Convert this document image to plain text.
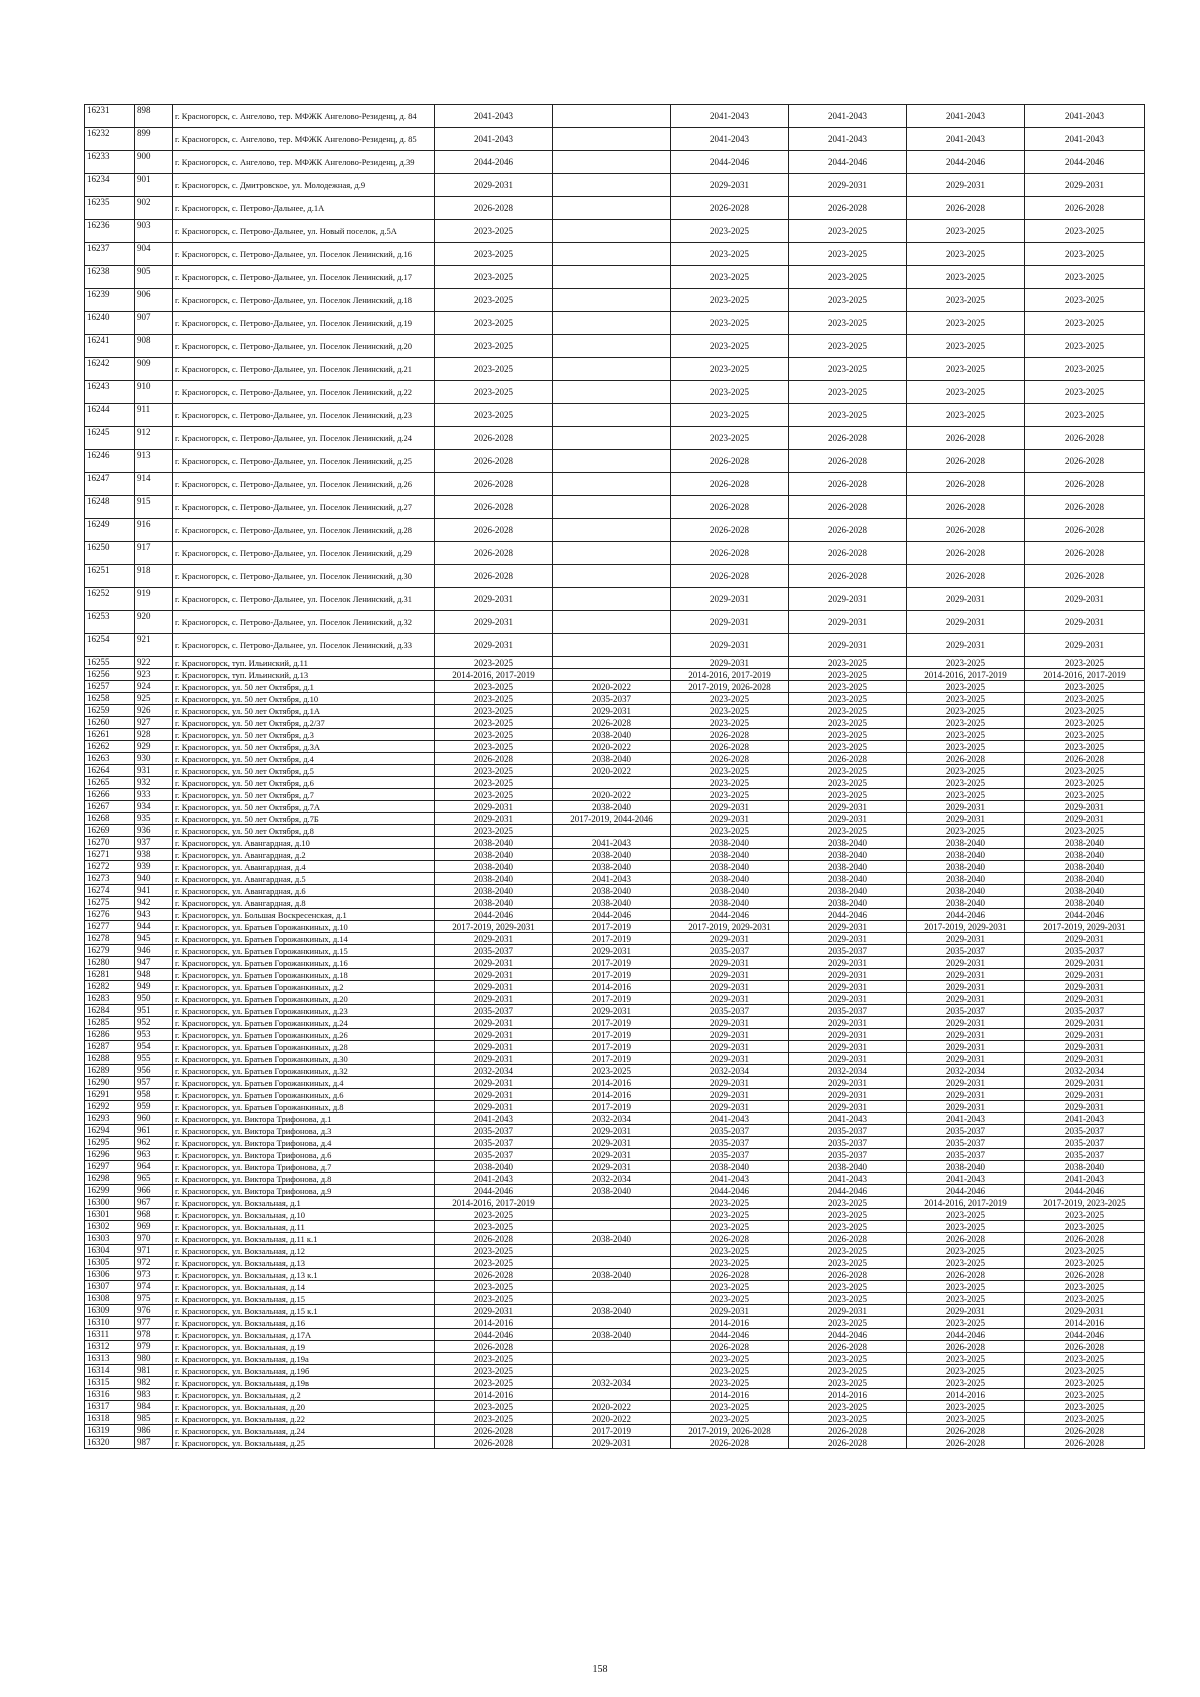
16231	898	г. Красногорск, с. Ангелово, тер. МФЖК Ангелово-Резиденц, д. 84	2041-2043		2041-2043	2041-2043	2041-2043	2041-2043
16232	899	г. Красногорск, с. Ангелово, тер. МФЖК Ангелово-Резиденц, д. 85	2041-2043		2041-2043	2041-2043	2041-2043	2041-2043
16233	900	г. Красногорск, с. Ангелово, тер. МФЖК Ангелово-Резиденц, д.39	2044-2046		2044-2046	2044-2046	2044-2046	2044-2046
16234	901	г. Красногорск, с. Дмитровское, ул. Молодежная, д.9	2029-2031		2029-2031	2029-2031	2029-2031	2029-2031
16235	902	г. Красногорск, с. Петрово-Дальнее, д.1А	2026-2028		2026-2028	2026-2028	2026-2028	2026-2028
16236	903	г. Красногорск, с. Петрово-Дальнее, ул. Новый поселок, д.5А	2023-2025		2023-2025	2023-2025	2023-2025	2023-2025
16237	904	г. Красногорск, с. Петрово-Дальнее, ул. Поселок Ленинский, д.16	2023-2025		2023-2025	2023-2025	2023-2025	2023-2025
16238	905	г. Красногорск, с. Петрово-Дальнее, ул. Поселок Ленинский, д.17	2023-2025		2023-2025	2023-2025	2023-2025	2023-2025
16239	906	г. Красногорск, с. Петрово-Дальнее, ул. Поселок Ленинский, д.18	2023-2025		2023-2025	2023-2025	2023-2025	2023-2025
16240	907	г. Красногорск, с. Петрово-Дальнее, ул. Поселок Ленинский, д.19	2023-2025		2023-2025	2023-2025	2023-2025	2023-2025
16241	908	г. Красногорск, с. Петрово-Дальнее, ул. Поселок Ленинский, д.20	2023-2025		2023-2025	2023-2025	2023-2025	2023-2025
16242	909	г. Красногорск, с. Петрово-Дальнее, ул. Поселок Ленинский, д.21	2023-2025		2023-2025	2023-2025	2023-2025	2023-2025
16243	910	г. Красногорск, с. Петрово-Дальнее, ул. Поселок Ленинский, д.22	2023-2025		2023-2025	2023-2025	2023-2025	2023-2025
16244	911	г. Красногорск, с. Петрово-Дальнее, ул. Поселок Ленинский, д.23	2023-2025		2023-2025	2023-2025	2023-2025	2023-2025
16245	912	г. Красногорск, с. Петрово-Дальнее, ул. Поселок Ленинский, д.24	2026-2028		2023-2025	2026-2028	2026-2028	2026-2028
16246	913	г. Красногорск, с. Петрово-Дальнее, ул. Поселок Ленинский, д.25	2026-2028		2026-2028	2026-2028	2026-2028	2026-2028
16247	914	г. Красногорск, с. Петрово-Дальнее, ул. Поселок Ленинский, д.26	2026-2028		2026-2028	2026-2028	2026-2028	2026-2028
16248	915	г. Красногорск, с. Петрово-Дальнее, ул. Поселок Ленинский, д.27	2026-2028		2026-2028	2026-2028	2026-2028	2026-2028
16249	916	г. Красногорск, с. Петрово-Дальнее, ул. Поселок Ленинский, д.28	2026-2028		2026-2028	2026-2028	2026-2028	2026-2028
16250	917	г. Красногорск, с. Петрово-Дальнее, ул. Поселок Ленинский, д.29	2026-2028		2026-2028	2026-2028	2026-2028	2026-2028
16251	918	г. Красногорск, с. Петрово-Дальнее, ул. Поселок Ленинский, д.30	2026-2028		2026-2028	2026-2028	2026-2028	2026-2028
16252	919	г. Красногорск, с. Петрово-Дальнее, ул. Поселок Ленинский, д.31	2029-2031		2029-2031	2029-2031	2029-2031	2029-2031
16253	920	г. Красногорск, с. Петрово-Дальнее, ул. Поселок Ленинский, д.32	2029-2031		2029-2031	2029-2031	2029-2031	2029-2031
16254	921	г. Красногорск, с. Петрово-Дальнее, ул. Поселок Ленинский, д.33	2029-2031		2029-2031	2029-2031	2029-2031	2029-2031
16255	922	г. Красногорск, туп. Ильинский, д.11	2023-2025		2029-2031	2023-2025	2023-2025	2023-2025
16256	923	г. Красногорск, туп. Ильинский, д.13	2014-2016, 2017-2019		2014-2016, 2017-2019	2023-2025	2014-2016, 2017-2019	2014-2016, 2017-2019
16257	924	г. Красногорск, ул. 50 лет Октября, д.1	2023-2025	2020-2022	2017-2019, 2026-2028	2023-2025	2023-2025	2023-2025
16258	925	г. Красногорск, ул. 50 лет Октября, д.10	2023-2025	2035-2037	2023-2025	2023-2025	2023-2025	2023-2025
16259	926	г. Красногорск, ул. 50 лет Октября, д.1А	2023-2025	2029-2031	2023-2025	2023-2025	2023-2025	2023-2025
16260	927	г. Красногорск, ул. 50 лет Октября, д.2/37	2023-2025	2026-2028	2023-2025	2023-2025	2023-2025	2023-2025
16261	928	г. Красногорск, ул. 50 лет Октября, д.3	2023-2025	2038-2040	2026-2028	2023-2025	2023-2025	2023-2025
16262	929	г. Красногорск, ул. 50 лет Октября, д.3А	2023-2025	2020-2022	2026-2028	2023-2025	2023-2025	2023-2025
16263	930	г. Красногорск, ул. 50 лет Октября, д.4	2026-2028	2038-2040	2026-2028	2026-2028	2026-2028	2026-2028
16264	931	г. Красногорск, ул. 50 лет Октября, д.5	2023-2025	2020-2022	2023-2025	2023-2025	2023-2025	2023-2025
16265	932	г. Красногорск, ул. 50 лет Октября, д.6	2023-2025		2023-2025	2023-2025	2023-2025	2023-2025
16266	933	г. Красногорск, ул. 50 лет Октября, д.7	2023-2025	2020-2022	2023-2025	2023-2025	2023-2025	2023-2025
16267	934	г. Красногорск, ул. 50 лет Октября, д.7А	2029-2031	2038-2040	2029-2031	2029-2031	2029-2031	2029-2031
16268	935	г. Красногорск, ул. 50 лет Октября, д.7Б	2029-2031	2017-2019, 2044-2046	2029-2031	2029-2031	2029-2031	2029-2031
16269	936	г. Красногорск, ул. 50 лет Октября, д.8	2023-2025		2023-2025	2023-2025	2023-2025	2023-2025
16270	937	г. Красногорск, ул. Авангардная, д.10	2038-2040	2041-2043	2038-2040	2038-2040	2038-2040	2038-2040
16271	938	г. Красногорск, ул. Авангардная, д.2	2038-2040	2038-2040	2038-2040	2038-2040	2038-2040	2038-2040
16272	939	г. Красногорск, ул. Авангардная, д.4	2038-2040	2038-2040	2038-2040	2038-2040	2038-2040	2038-2040
16273	940	г. Красногорск, ул. Авангардная, д.5	2038-2040	2041-2043	2038-2040	2038-2040	2038-2040	2038-2040
16274	941	г. Красногорск, ул. Авангардная, д.6	2038-2040	2038-2040	2038-2040	2038-2040	2038-2040	2038-2040
16275	942	г. Красногорск, ул. Авангардная, д.8	2038-2040	2038-2040	2038-2040	2038-2040	2038-2040	2038-2040
16276	943	г. Красногорск, ул. Большая Воскресенская, д.1	2044-2046	2044-2046	2044-2046	2044-2046	2044-2046	2044-2046
16277	944	г. Красногорск, ул. Братьев Горожанкиных, д.10	2017-2019, 2029-2031	2017-2019	2017-2019, 2029-2031	2029-2031	2017-2019, 2029-2031	2017-2019, 2029-2031
16278	945	г. Красногорск, ул. Братьев Горожанкиных, д.14	2029-2031	2017-2019	2029-2031	2029-2031	2029-2031	2029-2031
16279	946	г. Красногорск, ул. Братьев Горожанкиных, д.15	2035-2037	2029-2031	2035-2037	2035-2037	2035-2037	2035-2037
16280	947	г. Красногорск, ул. Братьев Горожанкиных, д.16	2029-2031	2017-2019	2029-2031	2029-2031	2029-2031	2029-2031
16281	948	г. Красногорск, ул. Братьев Горожанкиных, д.18	2029-2031	2017-2019	2029-2031	2029-2031	2029-2031	2029-2031
16282	949	г. Красногорск, ул. Братьев Горожанкиных, д.2	2029-2031	2014-2016	2029-2031	2029-2031	2029-2031	2029-2031
16283	950	г. Красногорск, ул. Братьев Горожанкиных, д.20	2029-2031	2017-2019	2029-2031	2029-2031	2029-2031	2029-2031
16284	951	г. Красногорск, ул. Братьев Горожанкиных, д.23	2035-2037	2029-2031	2035-2037	2035-2037	2035-2037	2035-2037
16285	952	г. Красногорск, ул. Братьев Горожанкиных, д.24	2029-2031	2017-2019	2029-2031	2029-2031	2029-2031	2029-2031
16286	953	г. Красногорск, ул. Братьев Горожанкиных, д.26	2029-2031	2017-2019	2029-2031	2029-2031	2029-2031	2029-2031
16287	954	г. Красногорск, ул. Братьев Горожанкиных, д.28	2029-2031	2017-2019	2029-2031	2029-2031	2029-2031	2029-2031
16288	955	г. Красногорск, ул. Братьев Горожанкиных, д.30	2029-2031	2017-2019	2029-2031	2029-2031	2029-2031	2029-2031
16289	956	г. Красногорск, ул. Братьев Горожанкиных, д.32	2032-2034	2023-2025	2032-2034	2032-2034	2032-2034	2032-2034
16290	957	г. Красногорск, ул. Братьев Горожанкиных, д.4	2029-2031	2014-2016	2029-2031	2029-2031	2029-2031	2029-2031
16291	958	г. Красногорск, ул. Братьев Горожанкиных, д.6	2029-2031	2014-2016	2029-2031	2029-2031	2029-2031	2029-2031
16292	959	г. Красногорск, ул. Братьев Горожанкиных, д.8	2029-2031	2017-2019	2029-2031	2029-2031	2029-2031	2029-2031
16293	960	г. Красногорск, ул. Виктора Трифонова, д.1	2041-2043	2032-2034	2041-2043	2041-2043	2041-2043	2041-2043
16294	961	г. Красногорск, ул. Виктора Трифонова, д.3	2035-2037	2029-2031	2035-2037	2035-2037	2035-2037	2035-2037
16295	962	г. Красногорск, ул. Виктора Трифонова, д.4	2035-2037	2029-2031	2035-2037	2035-2037	2035-2037	2035-2037
16296	963	г. Красногорск, ул. Виктора Трифонова, д.6	2035-2037	2029-2031	2035-2037	2035-2037	2035-2037	2035-2037
16297	964	г. Красногорск, ул. Виктора Трифонова, д.7	2038-2040	2029-2031	2038-2040	2038-2040	2038-2040	2038-2040
16298	965	г. Красногорск, ул. Виктора Трифонова, д.8	2041-2043	2032-2034	2041-2043	2041-2043	2041-2043	2041-2043
16299	966	г. Красногорск, ул. Виктора Трифонова, д.9	2044-2046	2038-2040	2044-2046	2044-2046	2044-2046	2044-2046
16300	967	г. Красногорск, ул. Вокзальная, д.1	2014-2016, 2017-2019		2023-2025	2023-2025	2014-2016, 2017-2019	2017-2019, 2023-2025
16301	968	г. Красногорск, ул. Вокзальная, д.10	2023-2025		2023-2025	2023-2025	2023-2025	2023-2025
16302	969	г. Красногорск, ул. Вокзальная, д.11	2023-2025		2023-2025	2023-2025	2023-2025	2023-2025
16303	970	г. Красногорск, ул. Вокзальная, д.11 к.1	2026-2028	2038-2040	2026-2028	2026-2028	2026-2028	2026-2028
16304	971	г. Красногорск, ул. Вокзальная, д.12	2023-2025		2023-2025	2023-2025	2023-2025	2023-2025
16305	972	г. Красногорск, ул. Вокзальная, д.13	2023-2025		2023-2025	2023-2025	2023-2025	2023-2025
16306	973	г. Красногорск, ул. Вокзальная, д.13 к.1	2026-2028	2038-2040	2026-2028	2026-2028	2026-2028	2026-2028
16307	974	г. Красногорск, ул. Вокзальная, д.14	2023-2025		2023-2025	2023-2025	2023-2025	2023-2025
16308	975	г. Красногорск, ул. Вокзальная, д.15	2023-2025		2023-2025	2023-2025	2023-2025	2023-2025
16309	976	г. Красногорск, ул. Вокзальная, д.15 к.1	2029-2031	2038-2040	2029-2031	2029-2031	2029-2031	2029-2031
16310	977	г. Красногорск, ул. Вокзальная, д.16	2014-2016		2014-2016	2023-2025	2023-2025	2014-2016
16311	978	г. Красногорск, ул. Вокзальная, д.17А	2044-2046	2038-2040	2044-2046	2044-2046	2044-2046	2044-2046
16312	979	г. Красногорск, ул. Вокзальная, д.19	2026-2028		2026-2028	2026-2028	2026-2028	2026-2028
16313	980	г. Красногорск, ул. Вокзальная, д.19а	2023-2025		2023-2025	2023-2025	2023-2025	2023-2025
16314	981	г. Красногорск, ул. Вокзальная, д.19б	2023-2025		2023-2025	2023-2025	2023-2025	2023-2025
16315	982	г. Красногорск, ул. Вокзальная, д.19в	2023-2025	2032-2034	2023-2025	2023-2025	2023-2025	2023-2025
16316	983	г. Красногорск, ул. Вокзальная, д.2	2014-2016		2014-2016	2014-2016	2014-2016	2023-2025
16317	984	г. Красногорск, ул. Вокзальная, д.20	2023-2025	2020-2022	2023-2025	2023-2025	2023-2025	2023-2025
16318	985	г. Красногорск, ул. Вокзальная, д.22	2023-2025	2020-2022	2023-2025	2023-2025	2023-2025	2023-2025
16319	986	г. Красногорск, ул. Вокзальная, д.24	2026-2028	2017-2019	2017-2019, 2026-2028	2026-2028	2026-2028	2026-2028
16320	987	г. Красногорск, ул. Вокзальная, д.25	2026-2028	2029-2031	2026-2028	2026-2028	2026-2028	2026-2028
158
